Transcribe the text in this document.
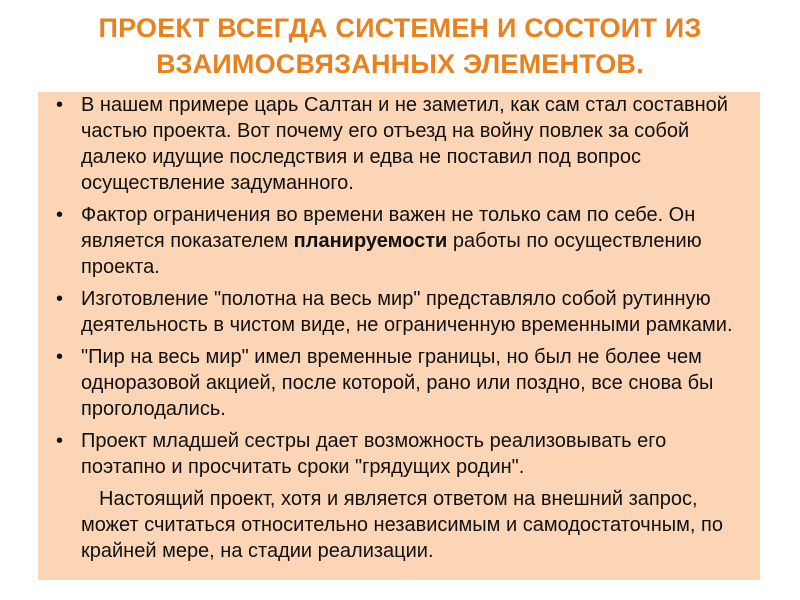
ПРОЕКТ ВСЕГДА СИСТЕМЕН И СОСТОИТ ИЗ ВЗАИМОСВЯЗАННЫХ ЭЛЕМЕНТОВ.
• В нашем примере царь Салтан и не заметил, как сам стал составной частью проекта. Вот почему его отъезд на войну повлек за собой далеко идущие последствия и едва не поставил под вопрос осуществление задуманного.
• Фактор ограничения во времени важен не только сам по себе. Он является показателем планируемости работы по осуществлению проекта.
• Изготовление "полотна на весь мир" представляло собой рутинную деятельность в чистом виде, не ограниченную временными рамками.
• "Пир на весь мир" имел временные границы, но был не более чем одноразовой акцией, после которой, рано или поздно, все снова бы проголодались.
• Проект младшей сестры дает возможность реализовывать его поэтапно и просчитать сроки "грядущих родин".

Настоящий проект, хотя и является ответом на внешний запрос, может считаться относительно независимым и самодостаточным, по крайней мере, на стадии реализации.
